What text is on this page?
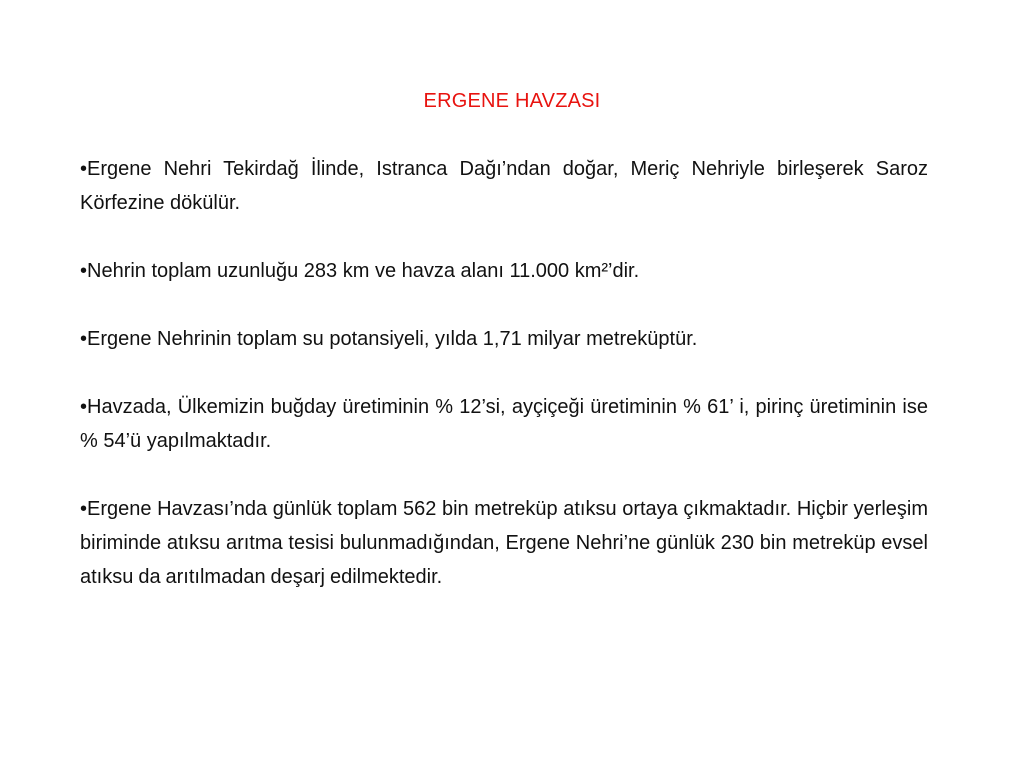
ERGENE HAVZASI

•Ergene Nehri Tekirdağ İlinde, Istranca Dağı’ndan doğar, Meriç Nehriyle birleşerek Saroz Körfezine dökülür.

•Nehrin toplam uzunluğu 283 km ve havza alanı 11.000 km²’dir.

•Ergene Nehrinin toplam su potansiyeli, yılda 1,71 milyar metreküptür.

•Havzada, Ülkemizin buğday üretiminin % 12’si, ayçiçeği üretiminin % 61’ i, pirinç üretiminin ise % 54’ü yapılmaktadır.

•Ergene Havzası’nda günlük toplam 562 bin metreküp atıksu ortaya çıkmaktadır. Hiçbir yerleşim biriminde atıksu arıtma tesisi bulunmadığından, Ergene Nehri’ne günlük 230 bin metreküp evsel atıksu da arıtılmadan deşarj edilmektedir.
